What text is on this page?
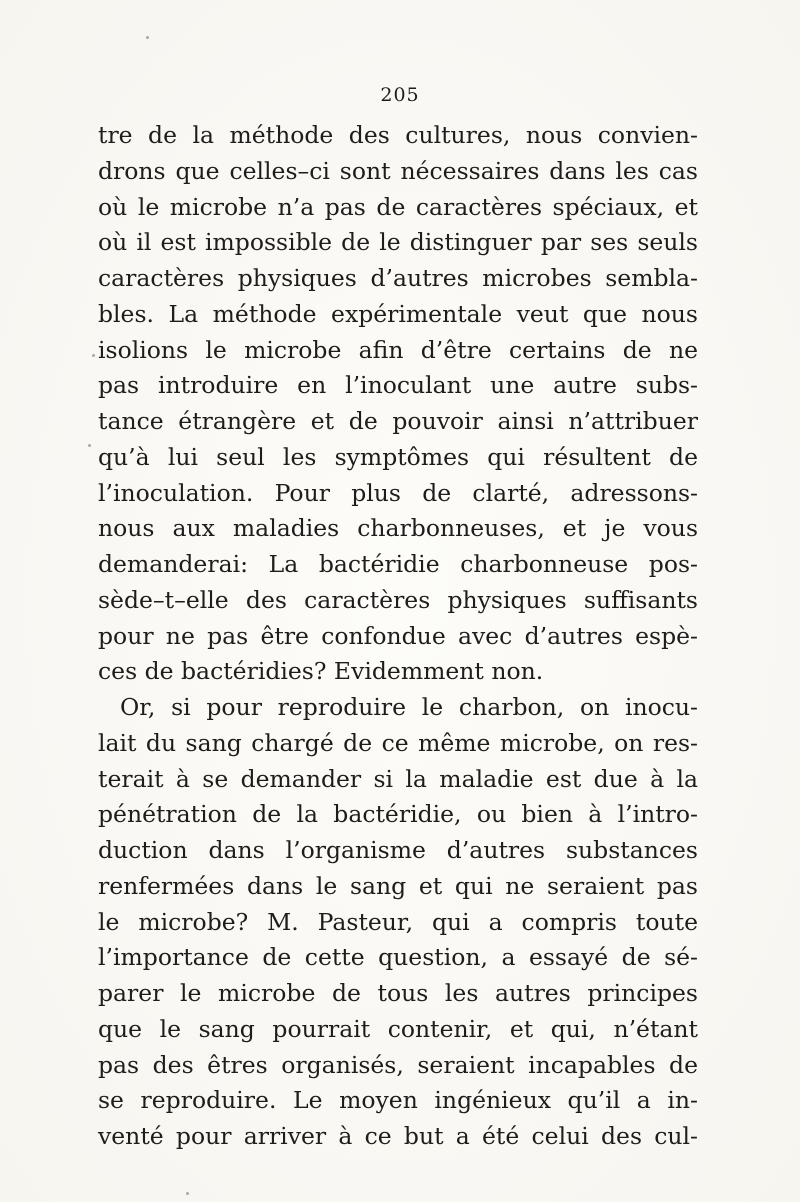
205
tre de la méthode des cultures, nous convien-
drons que celles–ci sont nécessaires dans les cas
où le microbe n’a pas de caractères spéciaux, et
où il est impossible de le distinguer par ses seuls
caractères physiques d’autres microbes sembla-
bles. La méthode expérimentale veut que nous
isolions le microbe afin d’être certains de ne
pas introduire en l’inoculant une autre subs-
tance étrangère et de pouvoir ainsi n’attribuer
qu’à lui seul les symptômes qui résultent de
l’inoculation. Pour plus de clarté, adressons-
nous aux maladies charbonneuses, et je vous
demanderai: La bactéridie charbonneuse pos-
sède–t–elle des caractères physiques suffisants
pour ne pas être confondue avec d’autres espè-
ces de bactéridies? Evidemment non.
Or, si pour reproduire le charbon, on inocu-
lait du sang chargé de ce même microbe, on res-
terait à se demander si la maladie est due à la
pénétration de la bactéridie, ou bien à l’intro-
duction dans l’organisme d’autres substances
renfermées dans le sang et qui ne seraient pas
le microbe? M. Pasteur, qui a compris toute
l’importance de cette question, a essayé de sé-
parer le microbe de tous les autres principes
que le sang pourrait contenir, et qui, n’étant
pas des êtres organisés, seraient incapables de
se reproduire. Le moyen ingénieux qu’il a in-
venté pour arriver à ce but a été celui des cul-
